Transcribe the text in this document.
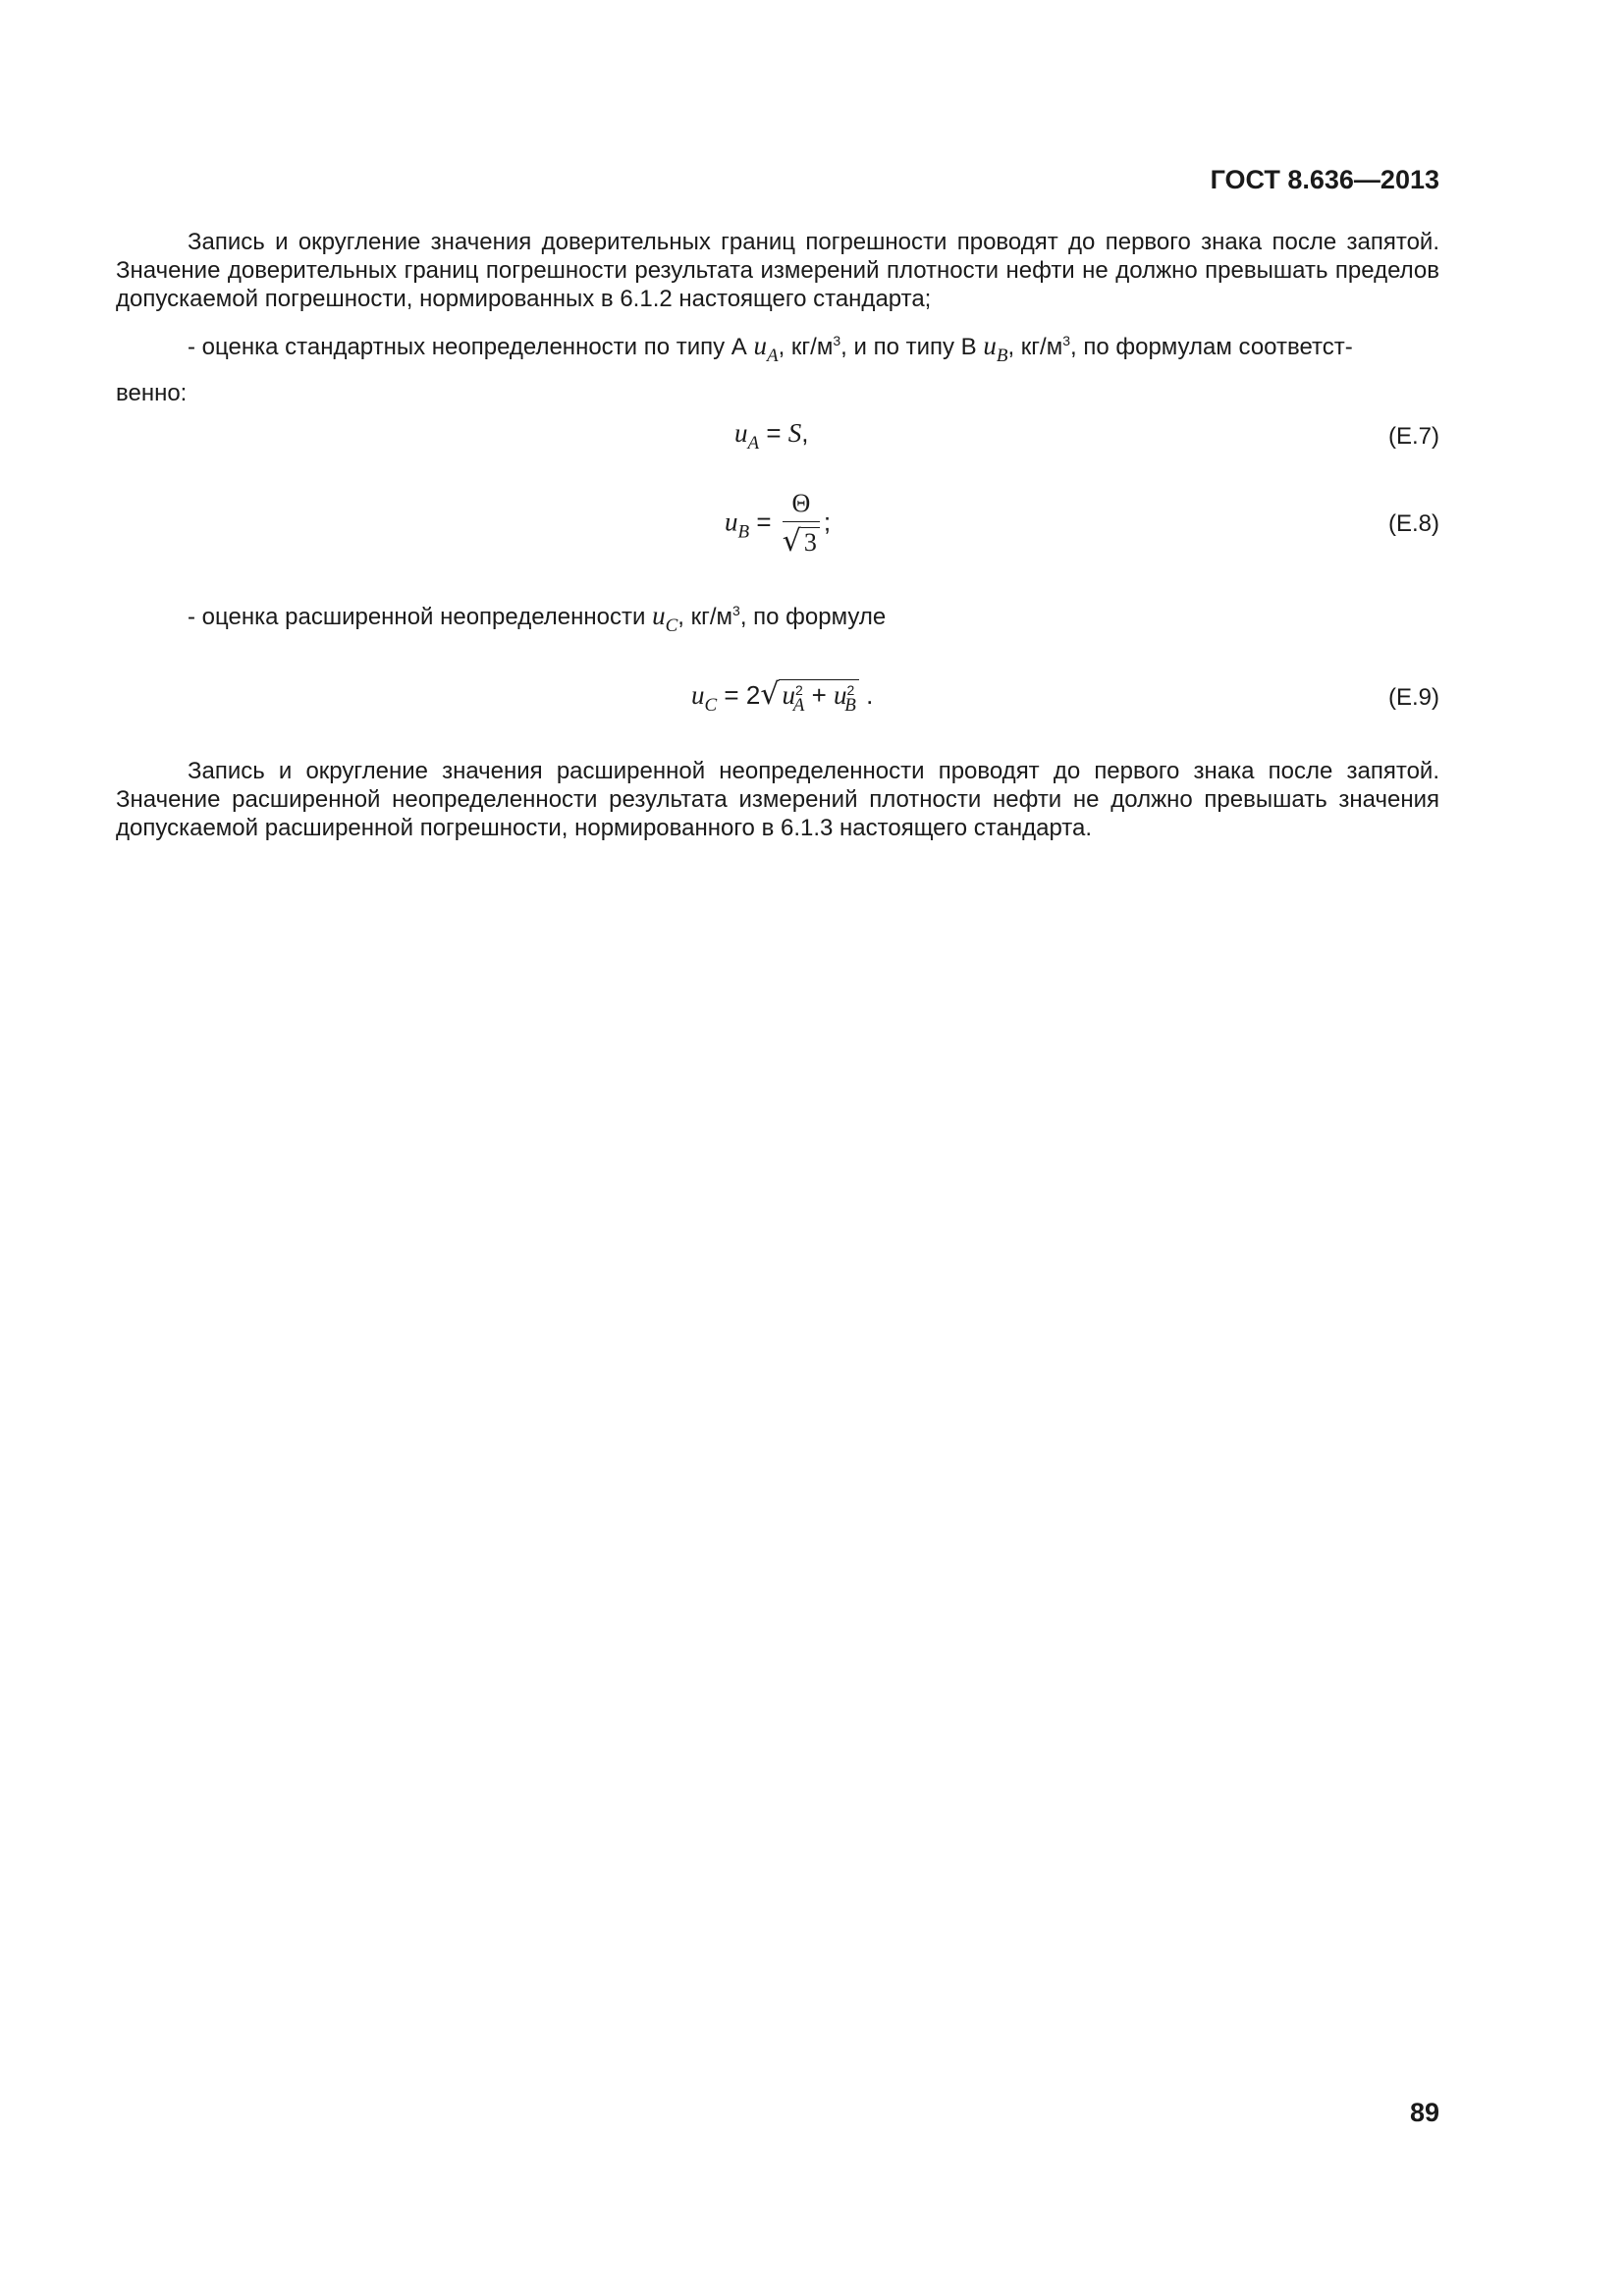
ГОСТ 8.636—2013
Запись и округление значения доверительных границ погрешности проводят до первого знака после запятой. Значение доверительных границ погрешности результата измерений плотности нефти не должно превышать пределов допускаемой погрешности, нормированных в 6.1.2 настоящего стандарта;
- оценка стандартных неопределенности по типу А $u_A$, $кг/м^3$, и по типу В $u_B$, $кг/м^3$, по формулам соответст-
венно:
$u_A = S$,	(E.7)
$u_B = \frac{\Theta}{√ 3}$ ;	(E.8)
- оценка расширенной неопределенности $u_C$, $кг/м^3$, по формуле
$u_C = 2√$ $u^2_A + u^2_B$ .	(E.9)
Запись и округление значения расширенной неопределенности проводят до первого знака после запятой. Значение расширенной неопределенности результата измерений плотности нефти не должно превышать значения допускаемой расширенной погрешности, нормированного в 6.1.3 настоящего стандарта.
89
